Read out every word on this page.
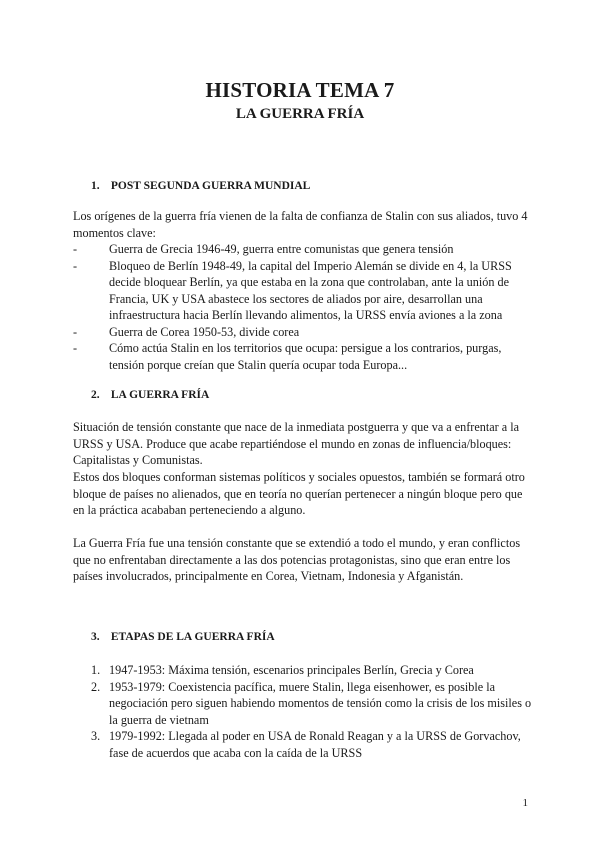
HISTORIA TEMA 7
LA GUERRA FRÍA
1. POST SEGUNDA GUERRA MUNDIAL

Los orígenes de la guerra fría vienen de la falta de confianza de Stalin con sus aliados, tuvo 4 momentos clave:

-	Guerra de Grecia 1946-49, guerra entre comunistas que genera tensión
-	Bloqueo de Berlín 1948-49, la capital del Imperio Alemán se divide en 4, la URSS decide bloquear Berlín, ya que estaba en la zona que controlaban, ante la unión de Francia, UK y USA abastece los sectores de aliados por aire, desarrollan una infraestructura hacia Berlín llevando alimentos, la URSS envía aviones a la zona
-	Guerra de Corea 1950-53, divide corea
-	Cómo actúa Stalin en los territorios que ocupa: persigue a los contrarios, purgas, tensión porque creían que Stalin quería ocupar toda Europa...
2. LA GUERRA FRÍA

Situación de tensión constante que nace de la inmediata postguerra y que va a enfrentar a la URSS y USA. Produce que acabe repartiéndose el mundo en zonas de influencia/bloques: Capitalistas y Comunistas.

Estos dos bloques conforman sistemas políticos y sociales opuestos, también se formará otro bloque de países no alienados, que en teoría no querían pertenecer a ningún bloque pero que en la práctica acababan perteneciendo a alguno.

La Guerra Fría fue una tensión constante que se extendió a todo el mundo, y eran conflictos que no enfrentaban directamente a las dos potencias protagonistas, sino que eran entre los países involucrados, principalmente en Corea, Vietnam, Indonesia y Afganistán.

3. ETAPAS DE LA GUERRA FRÍA
1. 1947-1953: Máxima tensión, escenarios principales Berlín, Grecia y Corea
2. 1953-1979: Coexistencia pacífica, muere Stalin, llega eisenhower, es posible la negociación pero siguen habiendo momentos de tensión como la crisis de los misiles o la guerra de vietnam
3. 1979-1992: Llegada al poder en USA de Ronald Reagan y a la URSS de Gorvachov, fase de acuerdos que acaba con la caída de la URSS
1
